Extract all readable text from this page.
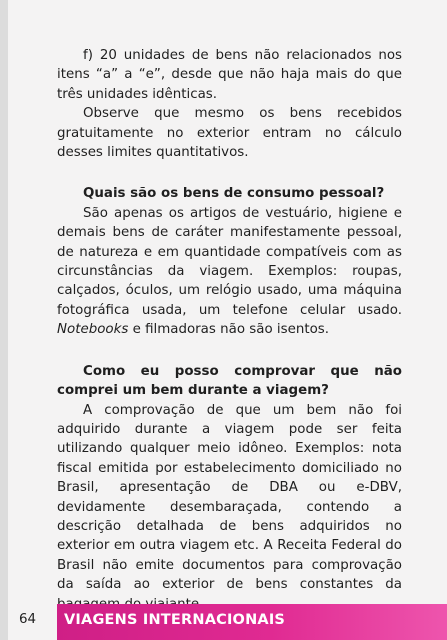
f) 20 unidades de bens não relacionados nos itens “a” a “e”, desde que não haja mais do que três unidades idênticas.

Observe que mesmo os bens recebidos gratuitamente no exterior entram no cálculo desses limites quantitativos.

Quais são os bens de consumo pessoal?

São apenas os artigos de vestuário, higiene e demais bens de caráter manifestamente pessoal, de natureza e em quantidade compatíveis com as circunstâncias da viagem. Exemplos: roupas, calçados, óculos, um relógio usado, uma máquina fotográfica usada, um telefone celular usado. Notebooks e filmadoras não são isentos.

Como eu posso comprovar que não comprei um bem durante a viagem?

A comprovação de que um bem não foi adquirido durante a viagem pode ser feita utilizando qualquer meio idôneo. Exemplos: nota fiscal emitida por estabelecimento domiciliado no Brasil, apresentação de DBA ou e-DBV, devidamente desembaraçada, contendo a descrição detalhada de bens adquiridos no exterior em outra viagem etc. A Receita Federal do Brasil não emite documentos para comprovação da saída ao exterior de bens constantes da

64 VIAGENS INTERNACIONAIS
